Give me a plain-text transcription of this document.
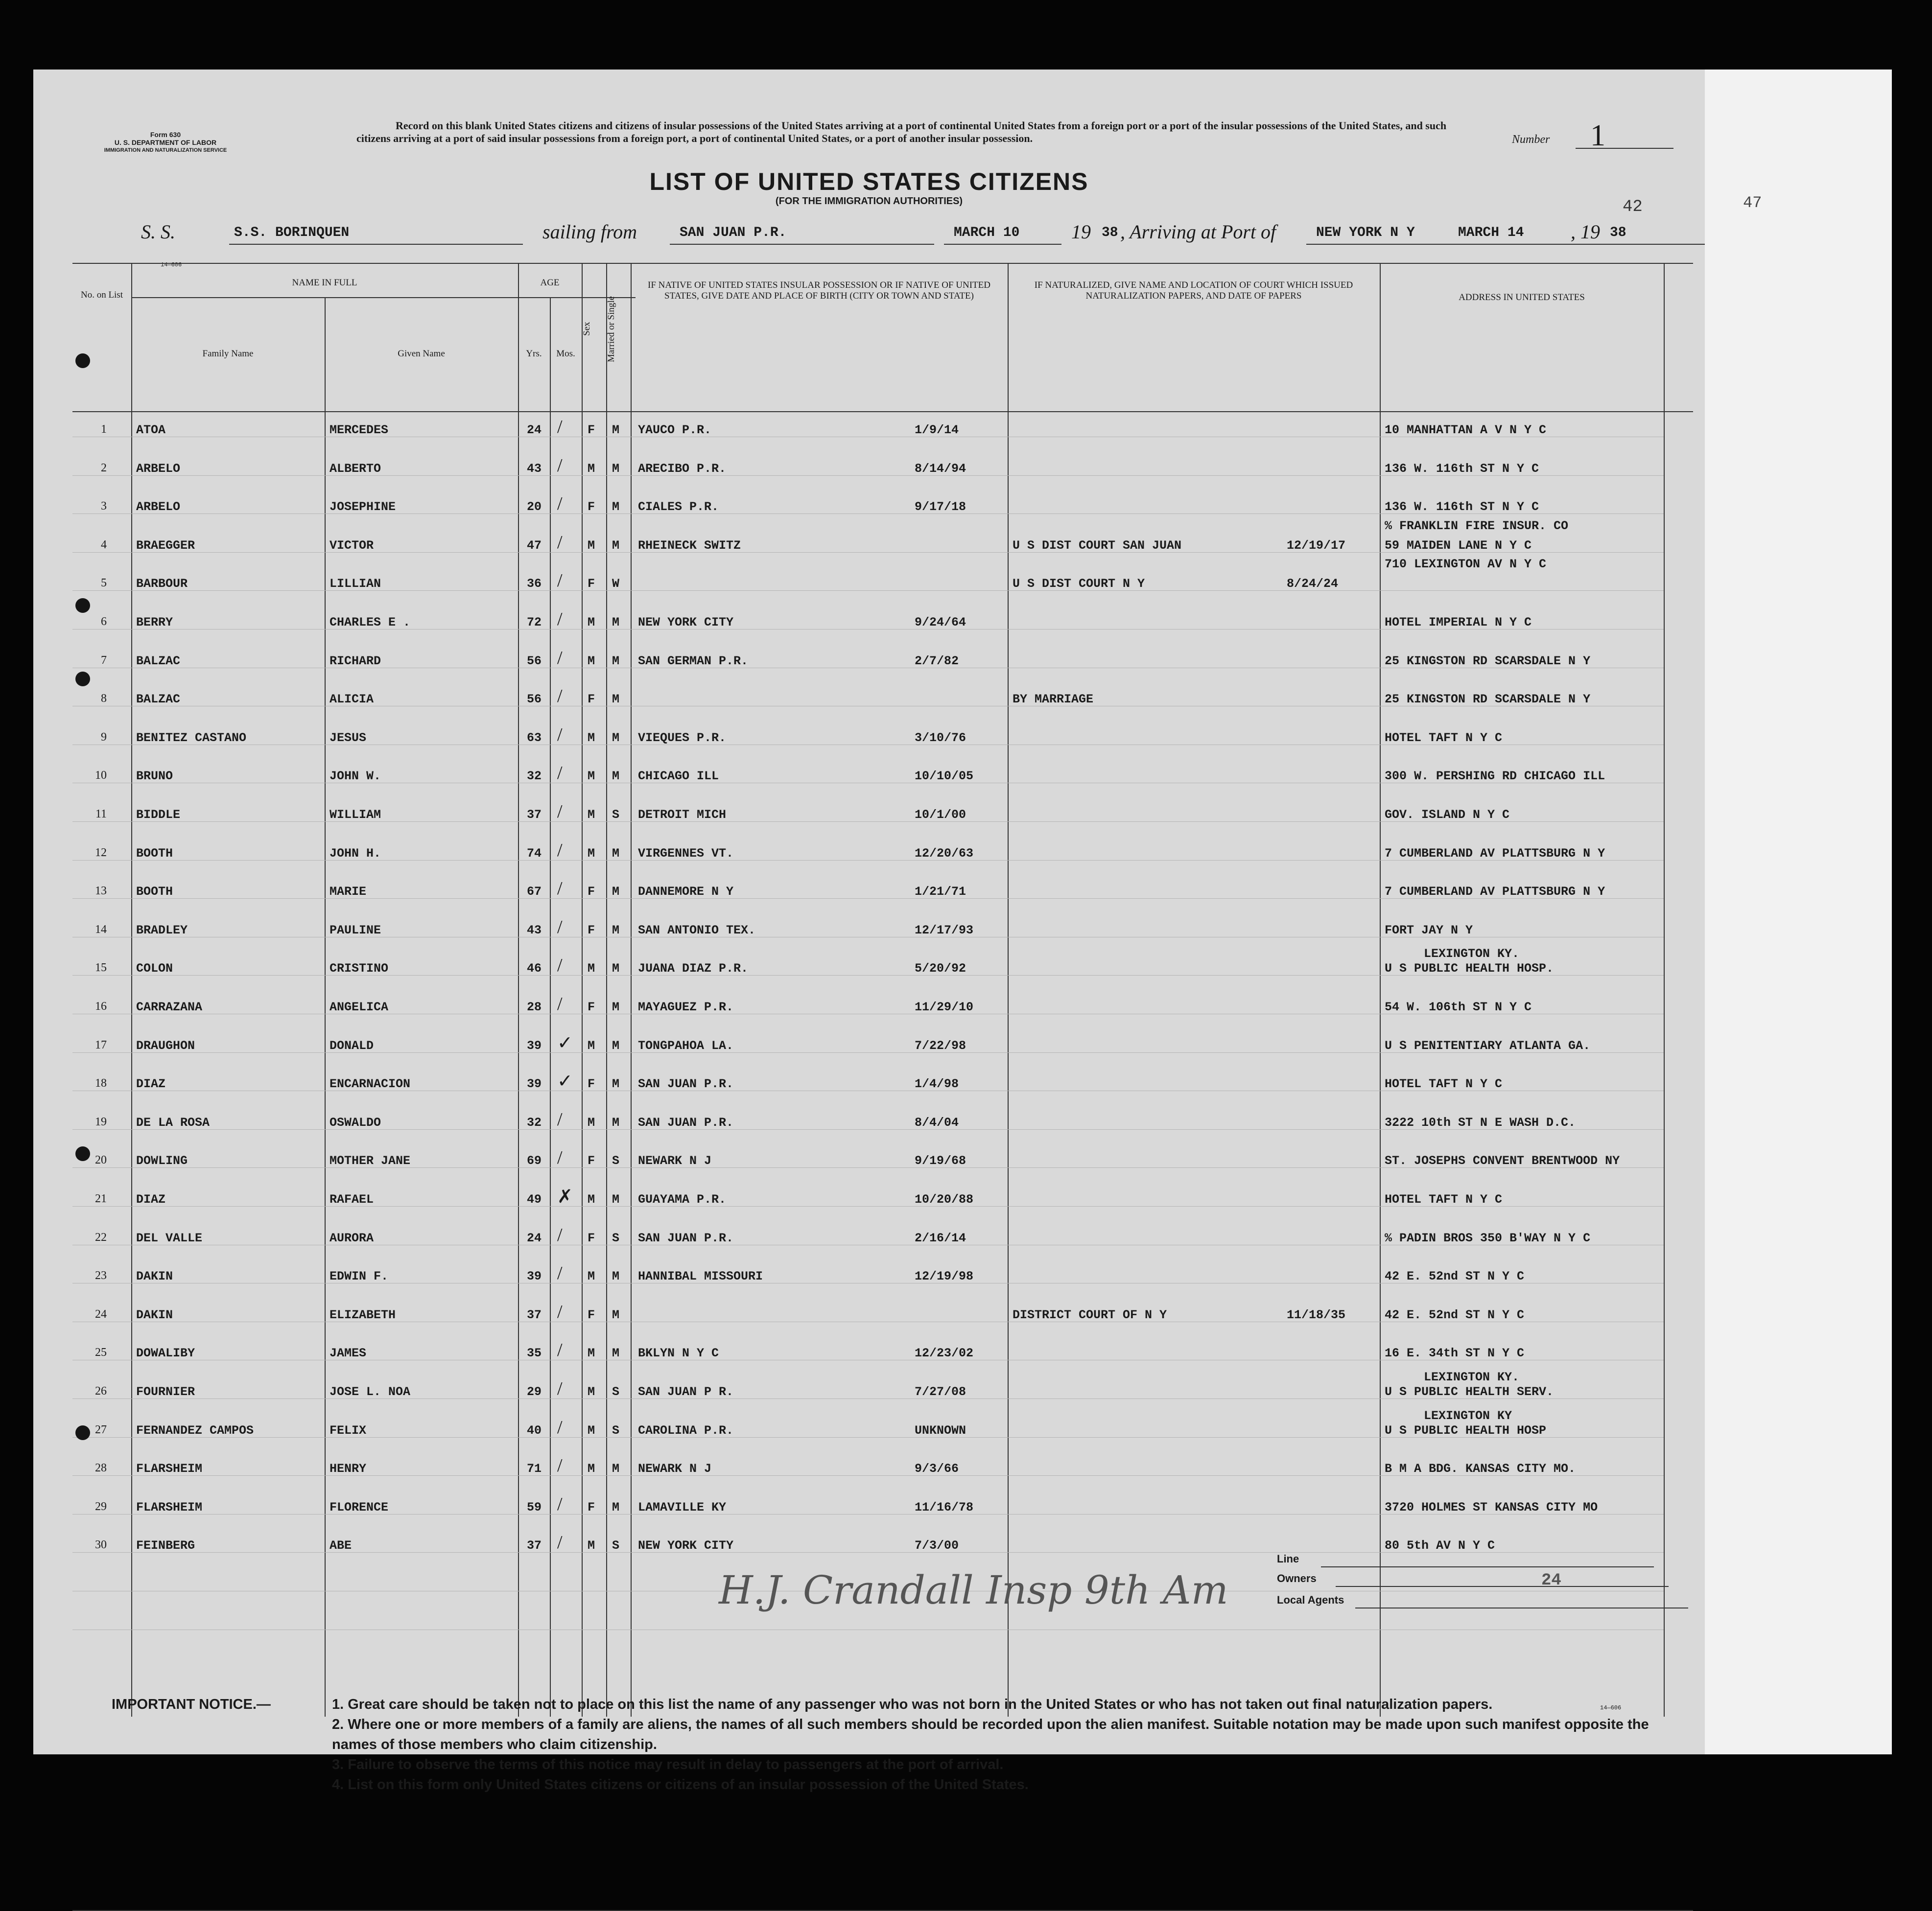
Form 630
U. S. DEPARTMENT OF LABOR
IMMIGRATION AND NATURALIZATION SERVICE
Record on this blank United States citizens and citizens of insular possessions of the United States arriving at a port of continental United States from a foreign port or a port of the insular possessions of the United States, and such citizens arriving at a port of said insular possessions from a foreign port, a port of continental United States, or a port of another insular possession.	Number 1
LIST OF UNITED STATES CITIZENS
(FOR THE IMMIGRATION AUTHORITIES)	42
S. S.	S.S. BORINQUEN	sailing from	SAN JUAN P.R.	MARCH 10	19 38 , Arriving at Port of	NEW YORK N Y	MARCH 14 , 19 38
14—606
No. on List
NAME IN FULL
Family Name	Given Name
AGE
Yrs.	Mos.
Sex	Married or Single
IF NATIVE OF UNITED STATES INSULAR POSSESSION OR IF NATIVE OF UNITED STATES, GIVE DATE AND PLACE OF BIRTH (CITY OR TOWN AND STATE)
IF NATURALIZED, GIVE NAME AND LOCATION OF COURT WHICH ISSUED NATURALIZATION PAPERS, AND DATE OF PAPERS	ADDRESS IN UNITED STATES
1 ATOA	MERCEDES	24 / F M YAUCO P.R.	1/9/14	10 MANHATTAN A V N Y C
2 ARBELO	ALBERTO	43 / M M ARECIBO P.R.	8/14/94	136 W. 116th ST N Y C
3 ARBELO	JOSEPHINE	20 / F M CIALES P.R.	9/17/18	136 W. 116th ST N Y C
4 BRAEGGER	VICTOR	47 / M M RHEINECK SWITZ	U S DIST COURT SAN JUAN	12/19/17	59 MAIDEN LANE N Y C
% FRANKLIN FIRE INSUR. CO
5 BARBOUR	LILLIAN	36 / F W	U S DIST COURT N Y	8/24/24
710 LEXINGTON AV N Y C
6 BERRY	CHARLES E .	72 / M M NEW YORK CITY	9/24/64	HOTEL IMPERIAL N Y C
7 BALZAC	RICHARD	56 / M M SAN GERMAN P.R.	2/7/82	25 KINGSTON RD SCARSDALE N Y
8 BALZAC	ALICIA	56 / F M	BY MARRIAGE	25 KINGSTON RD SCARSDALE N Y
9 BENITEZ CASTANO	JESUS	63 / M M VIEQUES P.R.	3/10/76	HOTEL TAFT N Y C
10 BRUNO	JOHN W.	32 / M M CHICAGO ILL	10/10/05	300 W. PERSHING RD CHICAGO ILL
11 BIDDLE	WILLIAM	37 / M S DETROIT MICH	10/1/00	GOV. ISLAND N Y C
12 BOOTH	JOHN H.	74 / M M VIRGENNES VT.	12/20/63	7 CUMBERLAND AV PLATTSBURG N Y
13 BOOTH	MARIE	67 / F M DANNEMORE N Y	1/21/71	7 CUMBERLAND AV PLATTSBURG N Y
14 BRADLEY	PAULINE	43 / F M SAN ANTONIO TEX.	12/17/93	FORT JAY N Y
15 COLON	CRISTINO	46 / M M JUANA DIAZ P.R.	5/20/92	U S PUBLIC HEALTH HOSP.
LEXINGTON KY.
16 CARRAZANA	ANGELICA	28 / F M MAYAGUEZ P.R.	11/29/10	54 W. 106th ST N Y C
17 DRAUGHON	DONALD	39 ✓ M M TONGPAHOA LA.	7/22/98	U S PENITENTIARY ATLANTA GA.
18 DIAZ	ENCARNACION	39 ✓ F M SAN JUAN P.R.	1/4/98	HOTEL TAFT N Y C
19 DE LA ROSA	OSWALDO	32 / M M SAN JUAN P.R.	8/4/04	3222 10th ST N E WASH D.C.
20 DOWLING	MOTHER JANE	69 / F S NEWARK N J	9/19/68	ST. JOSEPHS CONVENT BRENTWOOD NY
21 DIAZ	RAFAEL	49 ✗ M M GUAYAMA P.R.	10/20/88	HOTEL TAFT N Y C
22 DEL VALLE	AURORA	24 / F S SAN JUAN P.R.	2/16/14	% PADIN BROS 350 B'WAY N Y C
23 DAKIN	EDWIN F.	39 / M M HANNIBAL MISSOURI	12/19/98	42 E. 52nd ST N Y C
24 DAKIN	ELIZABETH	37 / F M	DISTRICT COURT OF N Y	11/18/35	42 E. 52nd ST N Y C
25 DOWALIBY	JAMES	35 / M M BKLYN N Y C	12/23/02	16 E. 34th ST N Y C
26 FOURNIER	JOSE L. NOA	29 / M S SAN JUAN P R.	7/27/08	U S PUBLIC HEALTH SERV.
LEXINGTON KY.
27 FERNANDEZ CAMPOS	FELIX	40 / M S CAROLINA P.R.	UNKNOWN	U S PUBLIC HEALTH HOSP
LEXINGTON KY
28 FLARSHEIM	HENRY	71 / M M NEWARK N J	9/3/66	B M A BDG. KANSAS CITY MO.
29 FLARSHEIM	FLORENCE	59 / F M LAMAVILLE KY	11/16/78	3720 HOLMES ST KANSAS CITY MO
30 FEINBERG	ABE	37 / M S NEW YORK CITY	7/3/00	80 5th AV N Y C
H.J. Crandall Insp 9th Am	24
Line
Owners
Local Agents
IMPORTANT NOTICE.—	1. Great care should be taken not to place on this list the name of any passenger who was not born in the United States or who has not taken out final naturalization papers.
2. Where one or more members of a family are aliens, the names of all such members should be recorded upon the alien manifest. Suitable notation may be made upon such manifest opposite the names of those members who claim citizenship.
3. Failure to observe the terms of this notice may result in delay to passengers at the port of arrival.
4. List on this form only United States citizens or citizens of an insular possession of the United States.
14—606
47
